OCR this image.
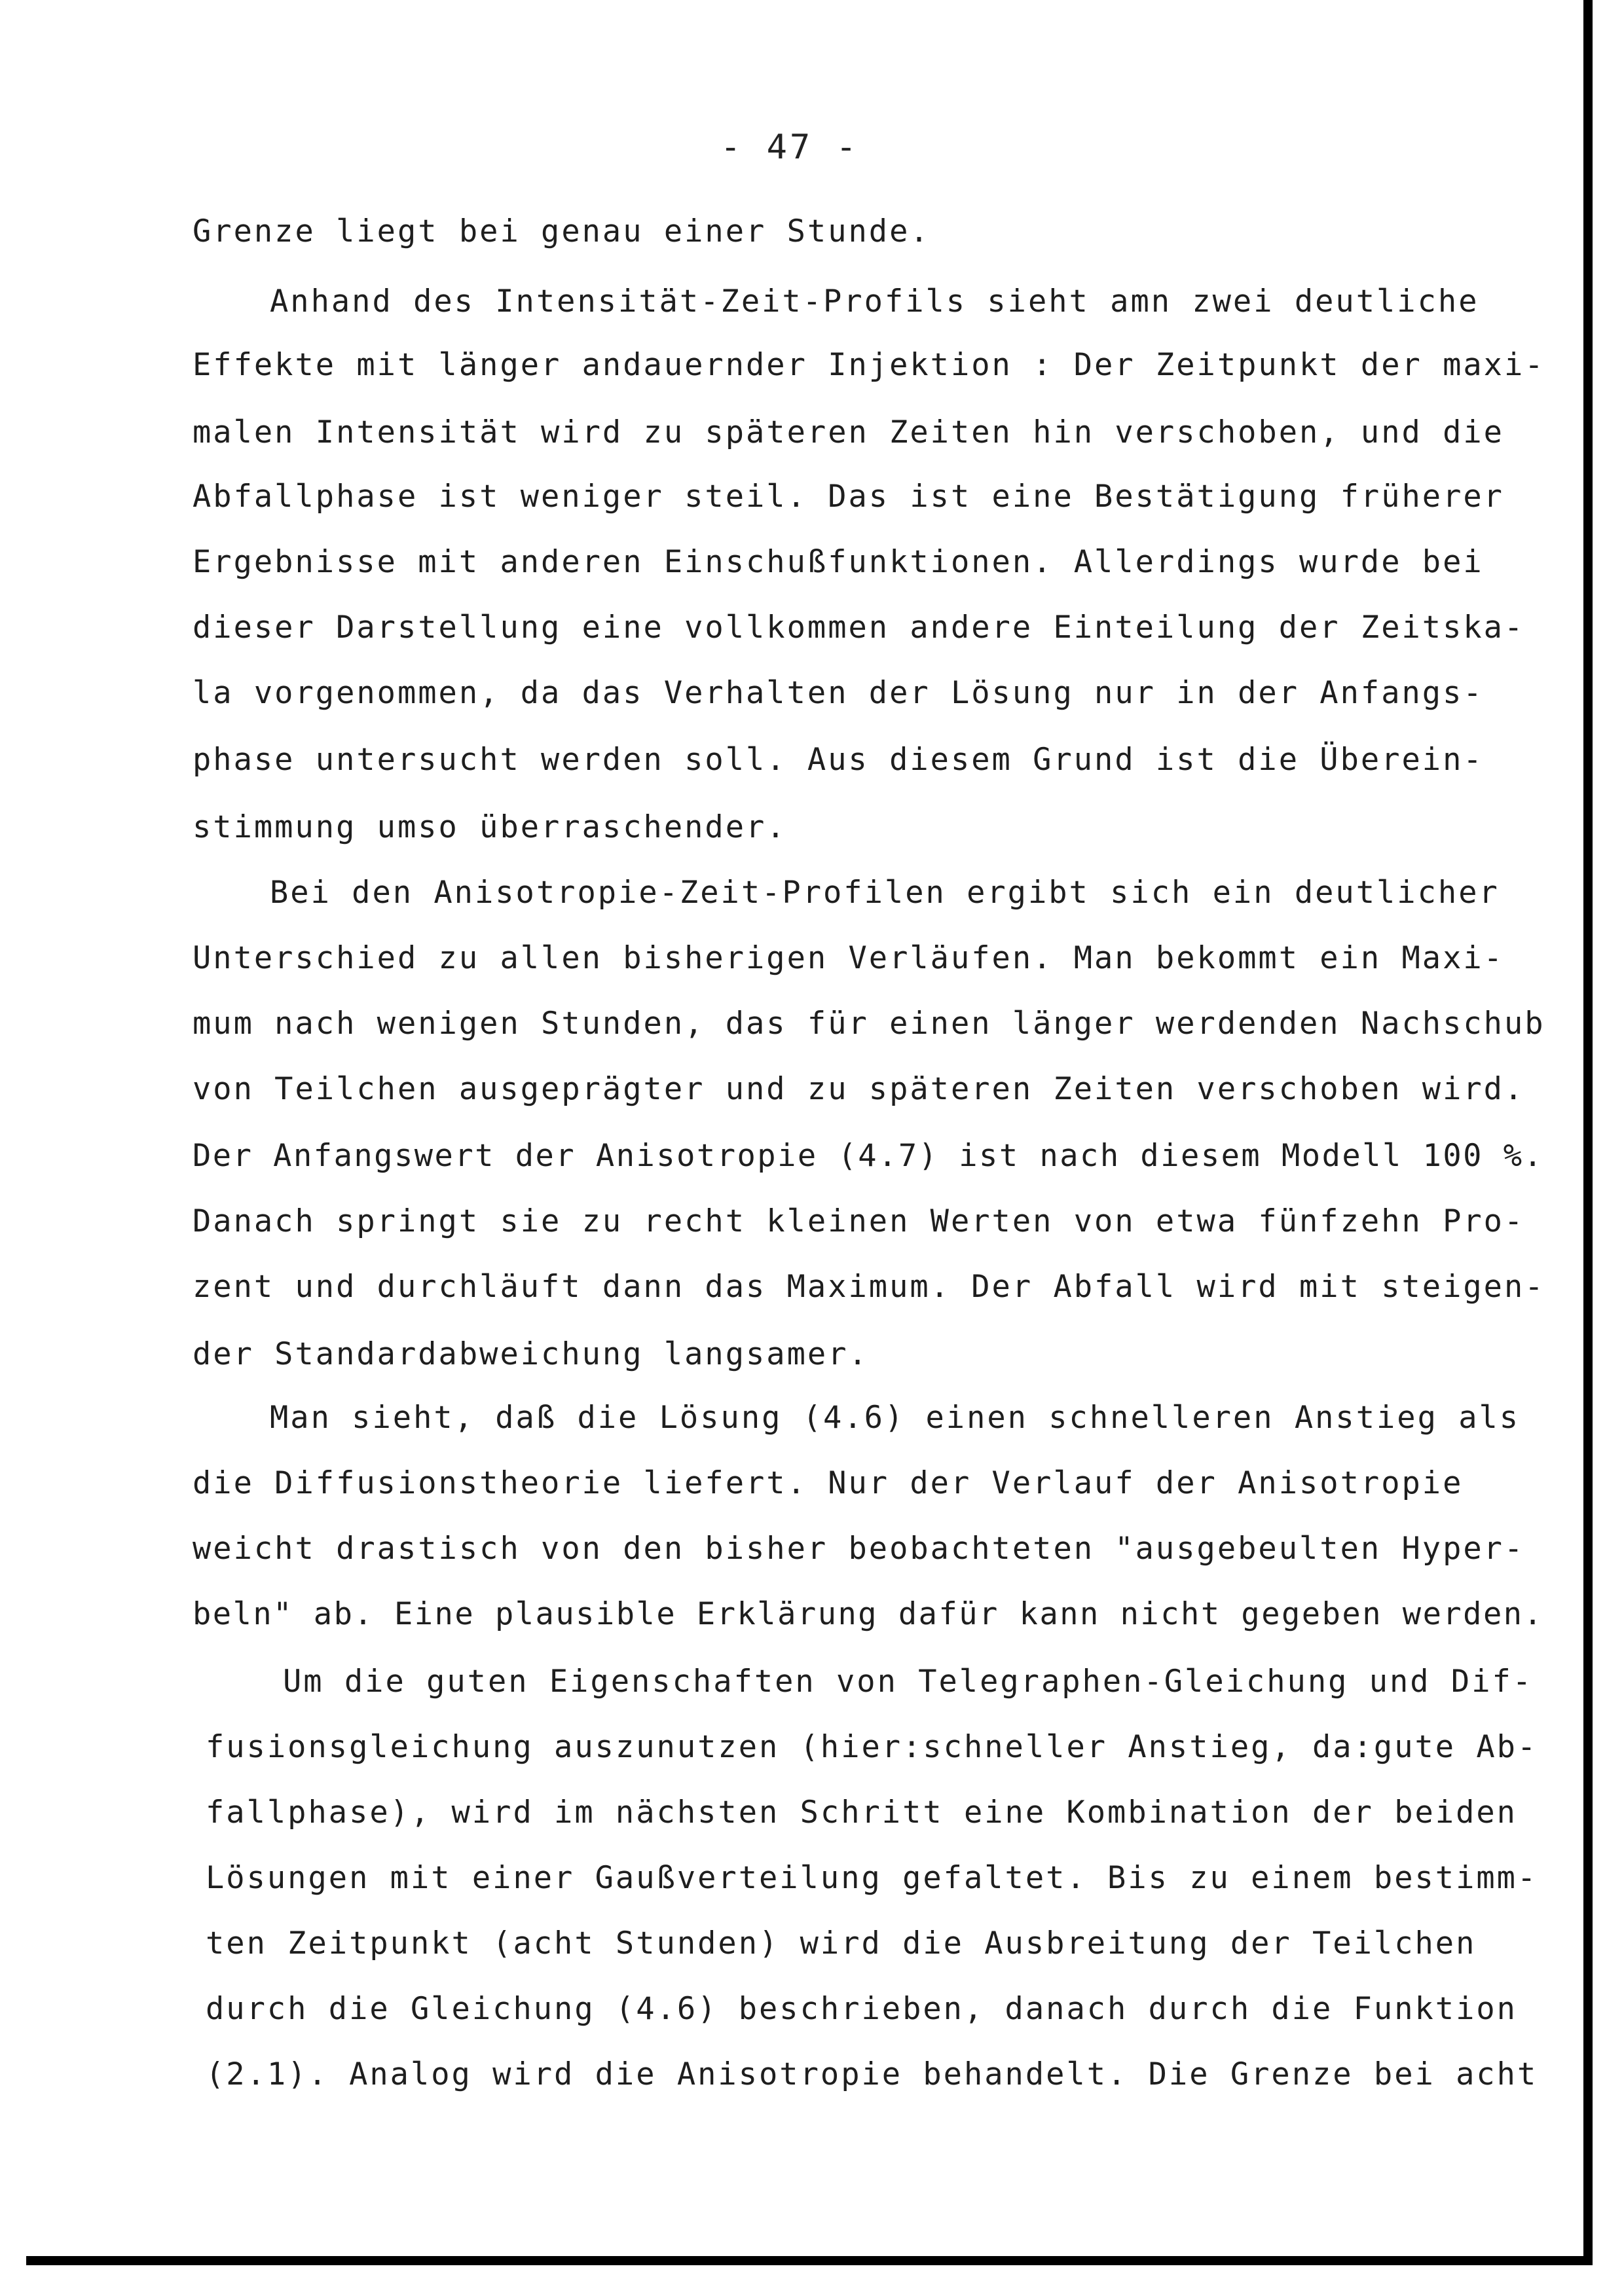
- 47 -
Grenze liegt bei genau einer Stunde.
Anhand des Intensität-Zeit-Profils sieht amn zwei deutliche
Effekte mit länger andauernder Injektion : Der Zeitpunkt der maxi-
malen Intensität wird zu späteren Zeiten hin verschoben, und die
Abfallphase ist weniger steil. Das ist eine Bestätigung früherer
Ergebnisse mit anderen Einschußfunktionen. Allerdings wurde bei
dieser Darstellung eine vollkommen andere Einteilung der Zeitska-
la vorgenommen, da das Verhalten der Lösung nur in der Anfangs-
phase untersucht werden soll. Aus diesem Grund ist die Überein-
stimmung umso überraschender.
Bei den Anisotropie-Zeit-Profilen ergibt sich ein deutlicher
Unterschied zu allen bisherigen Verläufen. Man bekommt ein Maxi-
mum nach wenigen Stunden, das für einen länger werdenden Nachschub
von Teilchen ausgeprägter und zu späteren Zeiten verschoben wird.
Der Anfangswert der Anisotropie (4.7) ist nach diesem Modell 100 %.
Danach springt sie zu recht kleinen Werten von etwa fünfzehn Pro-
zent und durchläuft dann das Maximum. Der Abfall wird mit steigen-
der Standardabweichung langsamer.
Man sieht, daß die Lösung (4.6) einen schnelleren Anstieg als
die Diffusionstheorie liefert. Nur der Verlauf der Anisotropie
weicht drastisch von den bisher beobachteten "ausgebeulten Hyper-
beln" ab. Eine plausible Erklärung dafür kann nicht gegeben werden.
Um die guten Eigenschaften von Telegraphen-Gleichung und Dif-
fusionsgleichung auszunutzen (hier:schneller Anstieg, da:gute Ab-
fallphase), wird im nächsten Schritt eine Kombination der beiden
Lösungen mit einer Gaußverteilung gefaltet. Bis zu einem bestimm-
ten Zeitpunkt (acht Stunden) wird die Ausbreitung der Teilchen
durch die Gleichung (4.6) beschrieben, danach durch die Funktion
(2.1). Analog wird die Anisotropie behandelt. Die Grenze bei acht
